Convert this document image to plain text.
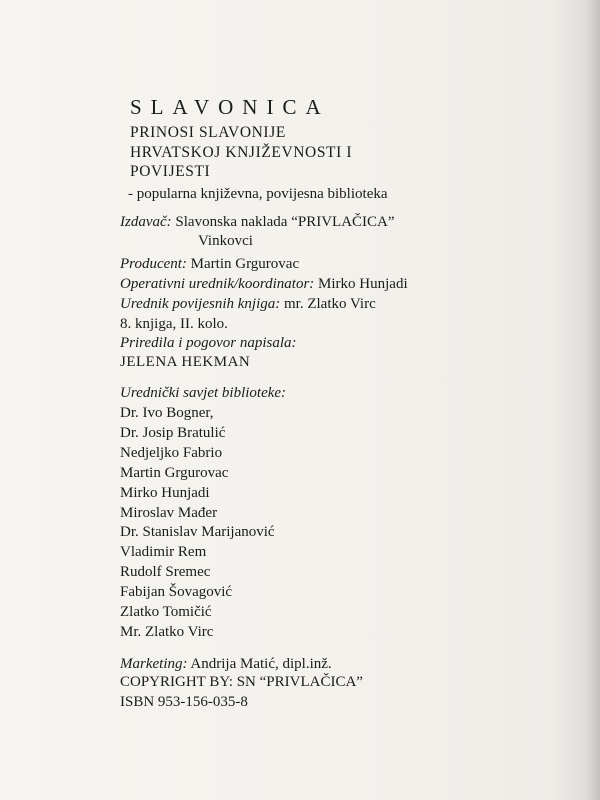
SLAVONICA
PRINOSI SLAVONIJE
HRVATSKOJ KNJIŽEVNOSTI I
POVIJESTI
- popularna književna, povijesna biblioteka
Izdavač: Slavonska naklada “PRIVLAČICA”
Vinkovci
Producent: Martin Grgurovac
Operativni urednik/koordinator: Mirko Hunjadi
Urednik povijesnih knjiga: mr. Zlatko Virc
8. knjiga, II. kolo.
Priredila i pogovor napisala:
JELENA HEKMAN
Urednički savjet biblioteke:
Dr. Ivo Bogner,
Dr. Josip Bratulić
Nedjeljko Fabrio
Martin Grgurovac
Mirko Hunjadi
Miroslav Mađer
Dr. Stanislav Marijanović
Vladimir Rem
Rudolf Sremec
Fabijan Šovagović
Zlatko Tomičić
Mr. Zlatko Virc
Marketing: Andrija Matić, dipl.inž.
COPYRIGHT BY: SN “PRIVLAČICA”
ISBN 953-156-035-8
